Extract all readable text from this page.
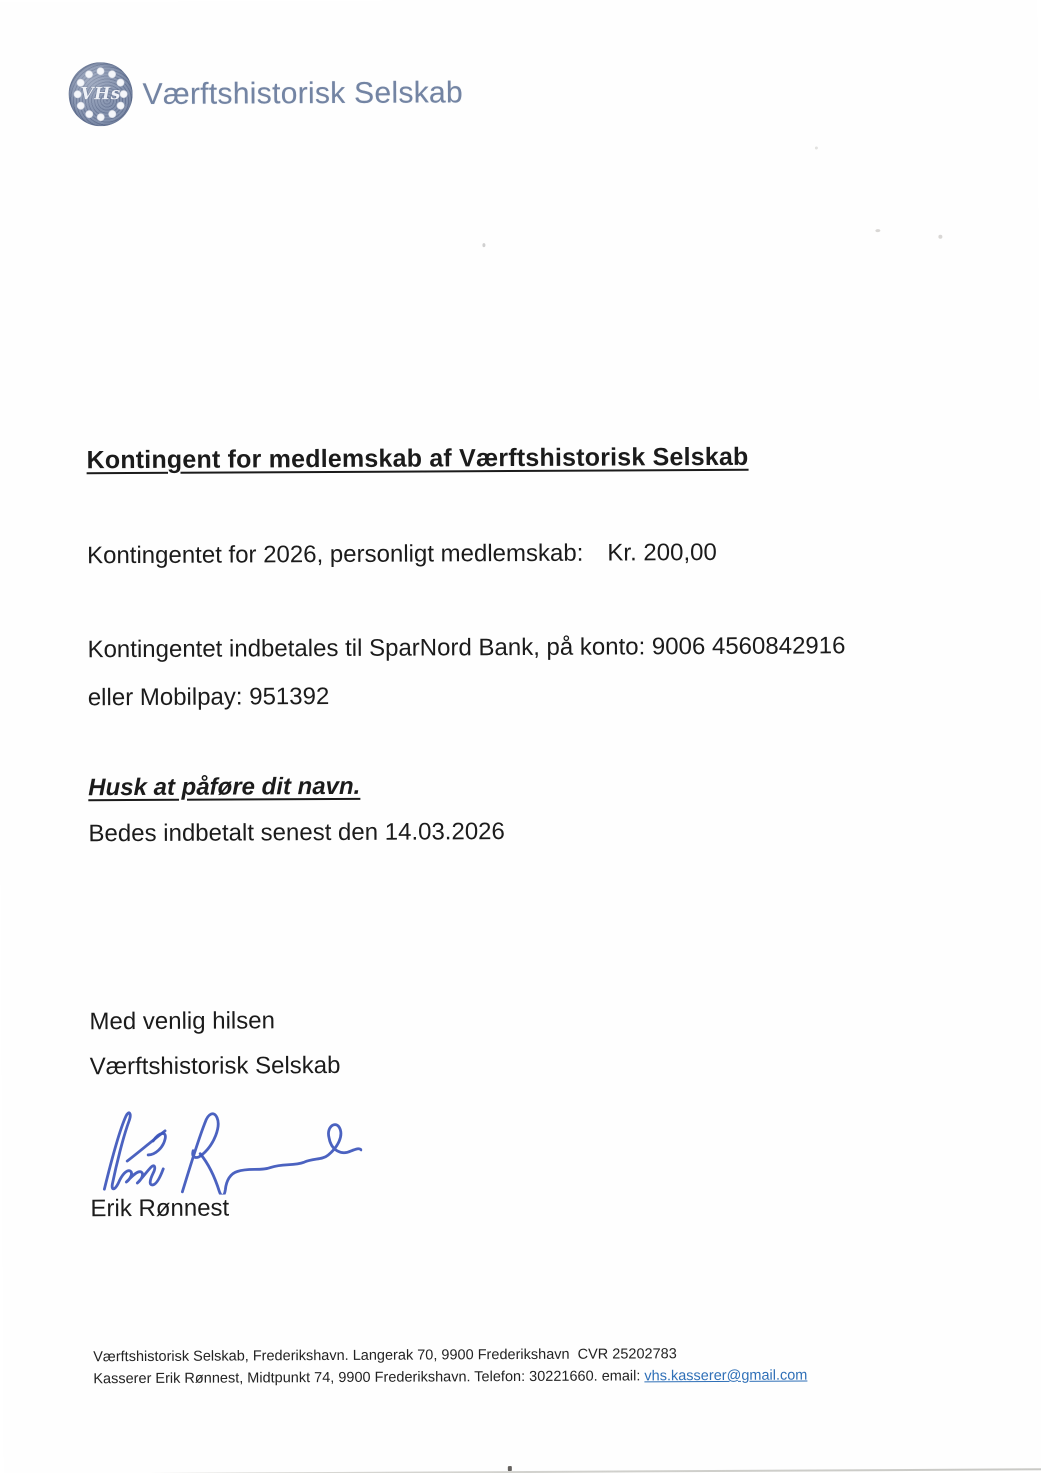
VHs Værftshistorisk Selskab
Kontingent for medlemskab af Værftshistorisk Selskab
Kontingentet for 2026, personligt medlemskab: Kr. 200,00
Kontingentet indbetales til SparNord Bank, på konto: 9006 4560842916
eller Mobilpay: 951392
Husk at påføre dit navn.
Bedes indbetalt senest den 14.03.2026
Med venlig hilsen
Værftshistorisk Selskab
Erik Rønnest
Værftshistorisk Selskab, Frederikshavn. Langerak 70, 9900 Frederikshavn  CVR 25202783
Kasserer Erik Rønnest, Midtpunkt 74, 9900 Frederikshavn. Telefon: 30221660. email: vhs.kasserer@gmail.com
